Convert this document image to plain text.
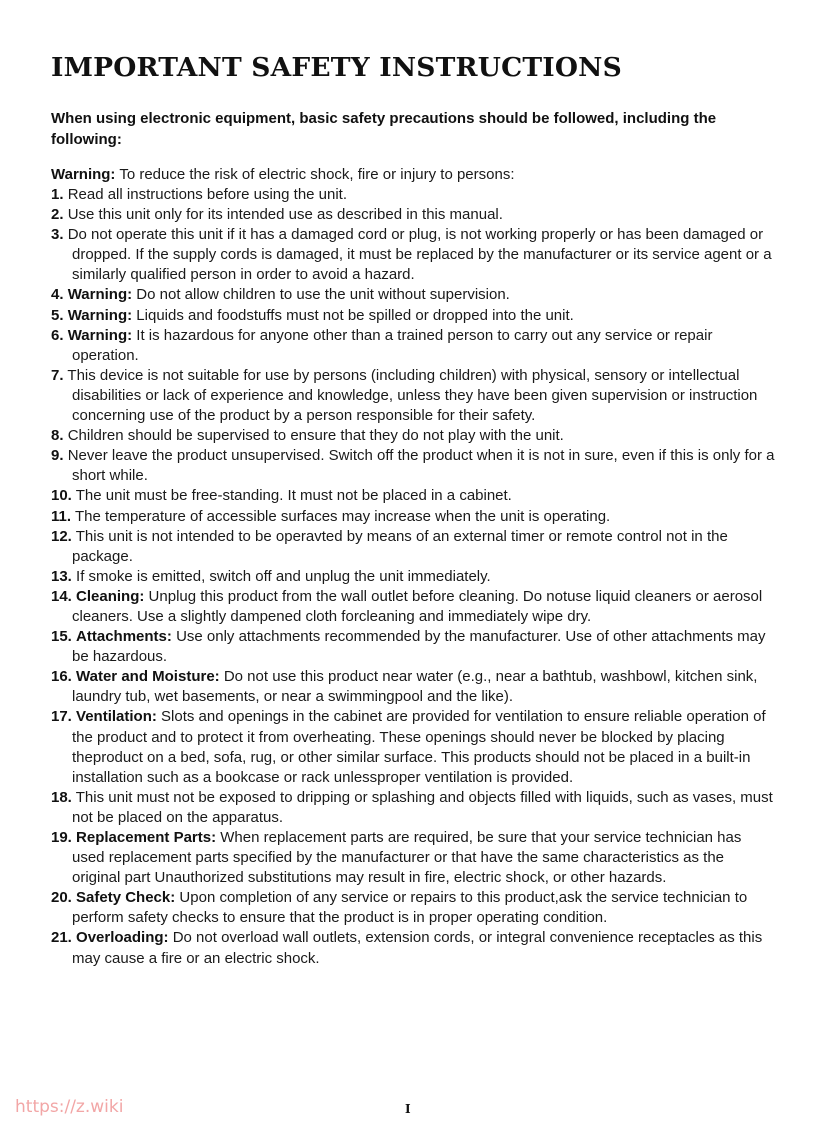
IMPORTANT SAFETY INSTRUCTIONS

When using electronic equipment, basic safety precautions should be followed, including the following:

Warning: To reduce the risk of electric shock, fire or injury to persons:

1. Read all instructions before using the unit.
2. Use this unit only for its intended use as described in this manual.
3. Do not operate this unit if it has a damaged cord or plug, is not working properly or has been damaged or dropped. If the supply cords is damaged, it must be replaced by the manufacturer or its service agent or a similarly qualified person in order to avoid a hazard.
4. Warning: Do not allow children to use the unit without supervision.
5. Warning: Liquids and foodstuffs must not be spilled or dropped into the unit.
6. Warning: It is hazardous for anyone other than a trained person to carry out any service or repair operation.
7. This device is not suitable for use by persons (including children) with physical, sensory or intellectual disabilities or lack of experience and knowledge, unless they have been given supervision or instruction concerning use of the product by a person responsible for their safety.
8. Children should be supervised to ensure that they do not play with the unit.
9. Never leave the product unsupervised. Switch off the product when it is not in sure, even if this is only for a short while.
10. The unit must be free-standing. It must not be placed in a cabinet.
11. The temperature of accessible surfaces may increase when the unit is operating.
12. This unit is not intended to be operavted by means of an external timer or remote control not in the package.
13. If smoke is emitted, switch off and unplug the unit immediately.
14. Cleaning: Unplug this product from the wall outlet before cleaning. Do notuse liquid cleaners or aerosol cleaners. Use a slightly dampened cloth forcleaning and immediately wipe dry.
15. Attachments: Use only attachments recommended by the manufacturer. Use of other attachments may be hazardous.
16. Water and Moisture: Do not use this product near water (e.g., near a bathtub, washbowl, kitchen sink, laundry tub, wet basements, or near a swimmingpool and the like).
17. Ventilation: Slots and openings in the cabinet are provided for ventilation to ensure reliable operation of the product and to protect it from overheating. These openings should never be blocked by placing theproduct on a bed, sofa, rug, or other similar surface. This products should not be placed in a built-in installation such as a bookcase or rack unlessproper ventilation is provided.
18. This unit must not be exposed to dripping or splashing and objects filled with liquids, such as vases, must not be placed on the apparatus.
19. Replacement Parts: When replacement parts are required, be sure that your service technician has used replacement parts specified by the manufacturer or that have the same characteristics as the original part Unauthorized substitutions may result in fire, electric shock, or other hazards.
20. Safety Check: Upon completion of any service or repairs to this product,ask the service technician to perform safety checks to ensure that the product is in proper operating condition.
21. Overloading: Do not overload wall outlets, extension cords, or integral convenience receptacles as this may cause a fire or an electric shock.
https://z.wiki	I
